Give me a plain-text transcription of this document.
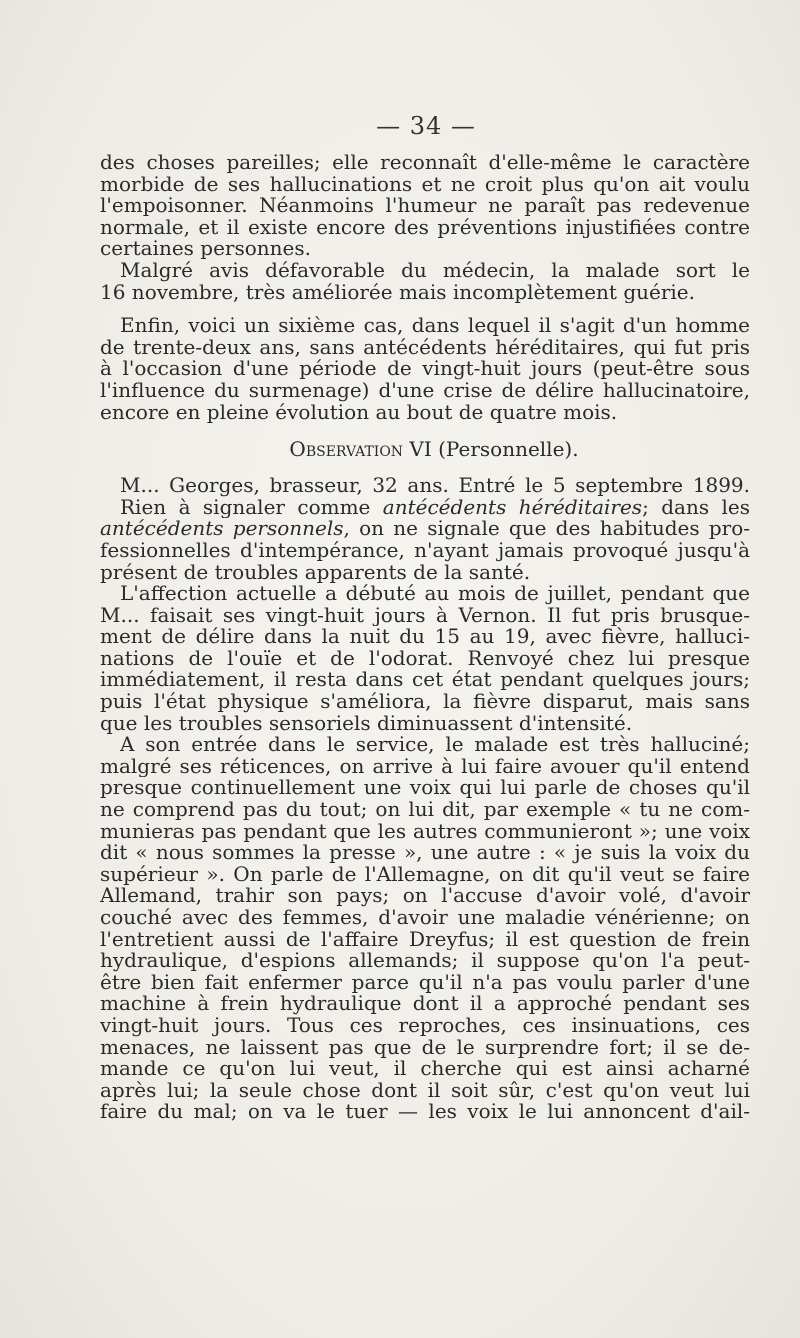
— 34 —
des choses pareilles; elle reconnaît d'elle-même le caractère
morbide de ses hallucinations et ne croit plus qu'on ait voulu
l'empoisonner. Néanmoins l'humeur ne paraît pas redevenue
normale, et il existe encore des préventions injustifiées contre
certaines personnes.
Malgré avis défavorable du médecin, la malade sort le
16 novembre, très améliorée mais incomplètement guérie.
Enfin, voici un sixième cas, dans lequel il s'agit d'un homme
de trente-deux ans, sans antécédents héréditaires, qui fut pris
à l'occasion d'une période de vingt-huit jours (peut-être sous
l'influence du surmenage) d'une crise de délire hallucinatoire,
encore en pleine évolution au bout de quatre mois.
Observation VI (Personnelle).
M... Georges, brasseur, 32 ans. Entré le 5 septembre 1899.
Rien à signaler comme antécédents héréditaires; dans les
antécédents personnels, on ne signale que des habitudes pro-
fessionnelles d'intempérance, n'ayant jamais provoqué jusqu'à
présent de troubles apparents de la santé.
L'affection actuelle a débuté au mois de juillet, pendant que
M... faisait ses vingt-huit jours à Vernon. Il fut pris brusque-
ment de délire dans la nuit du 15 au 19, avec fièvre, halluci-
nations de l'ouïe et de l'odorat. Renvoyé chez lui presque
immédiatement, il resta dans cet état pendant quelques jours;
puis l'état physique s'améliora, la fièvre disparut, mais sans
que les troubles sensoriels diminuassent d'intensité.
A son entrée dans le service, le malade est très halluciné;
malgré ses réticences, on arrive à lui faire avouer qu'il entend
presque continuellement une voix qui lui parle de choses qu'il
ne comprend pas du tout; on lui dit, par exemple « tu ne com-
munieras pas pendant que les autres communieront »; une voix
dit « nous sommes la presse », une autre : « je suis la voix du
supérieur ». On parle de l'Allemagne, on dit qu'il veut se faire
Allemand, trahir son pays; on l'accuse d'avoir volé, d'avoir
couché avec des femmes, d'avoir une maladie vénérienne; on
l'entretient aussi de l'affaire Dreyfus; il est question de frein
hydraulique, d'espions allemands; il suppose qu'on l'a peut-
être bien fait enfermer parce qu'il n'a pas voulu parler d'une
machine à frein hydraulique dont il a approché pendant ses
vingt-huit jours. Tous ces reproches, ces insinuations, ces
menaces, ne laissent pas que de le surprendre fort; il se de-
mande ce qu'on lui veut, il cherche qui est ainsi acharné
après lui; la seule chose dont il soit sûr, c'est qu'on veut lui
faire du mal; on va le tuer — les voix le lui annoncent d'ail-
